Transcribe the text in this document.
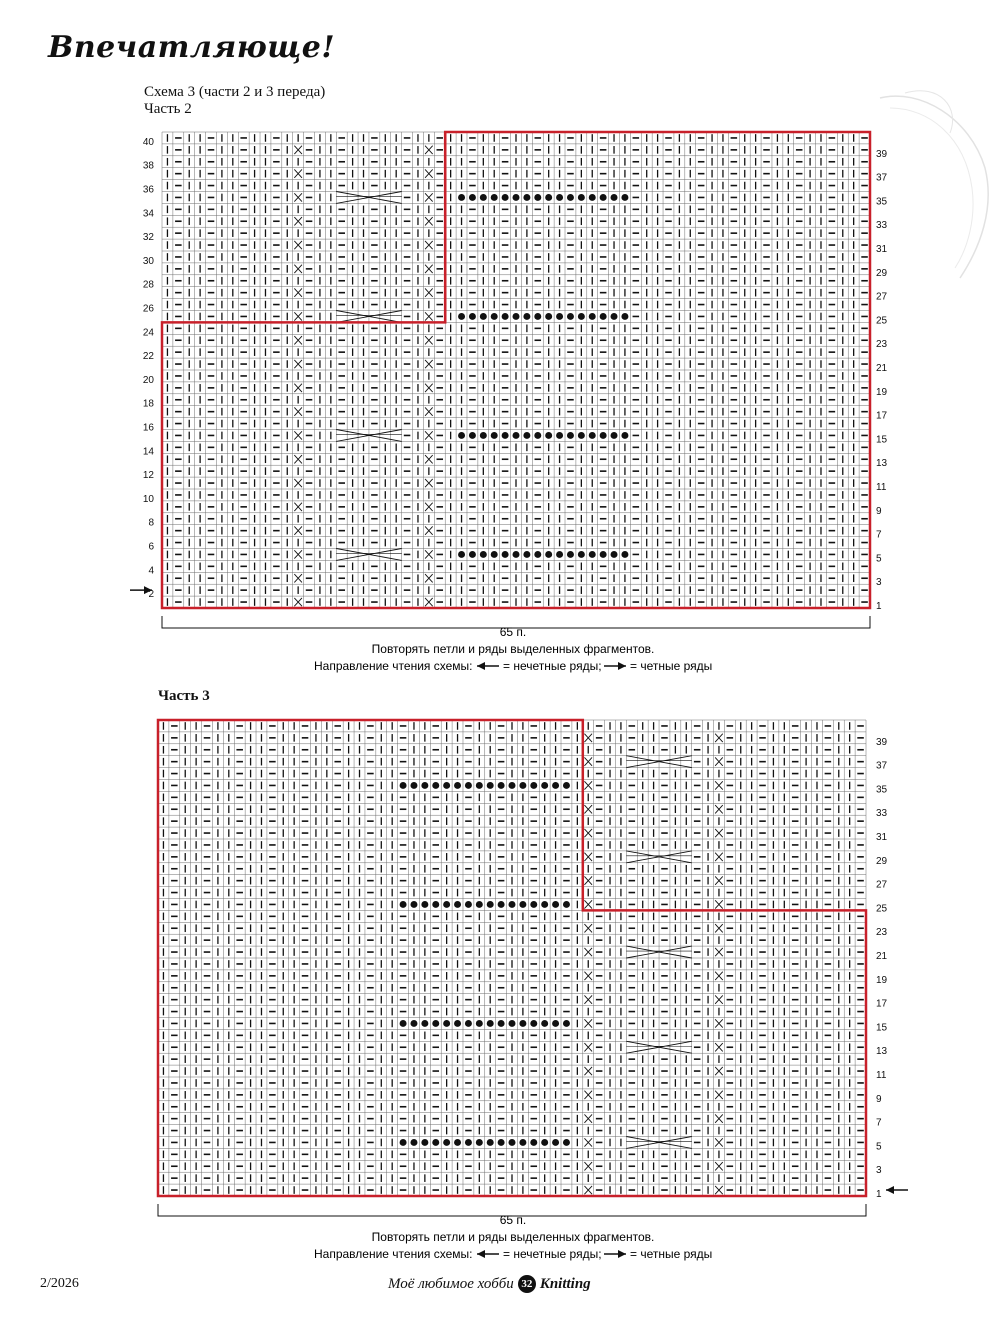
Впечатляюще!
Схема 3 (части 2 и 3 переда)
Часть 2
Часть 3
40
38
36
34
32
30
28
26
24
22
20
18
16
14
12
10
8
6
4
2
39
37
35
33
31
29
27
25
23
21
19
17
15
13
11
9
7
5
3
1
65 п.
Повторять петли и ряды выделенных фрагментов.
Направление чтения схемы:	= нечетные ряды; = четные ряды
39
37
35
33
31
29
27
25
23
21
19
17
15
13
11
9
7
5
3
1
65 п.
Повторять петли и ряды выделенных фрагментов.
Направление чтения схемы:	= нечетные ряды; = четные ряды
2/2026	Моё любимое хобби 32 Knitting
